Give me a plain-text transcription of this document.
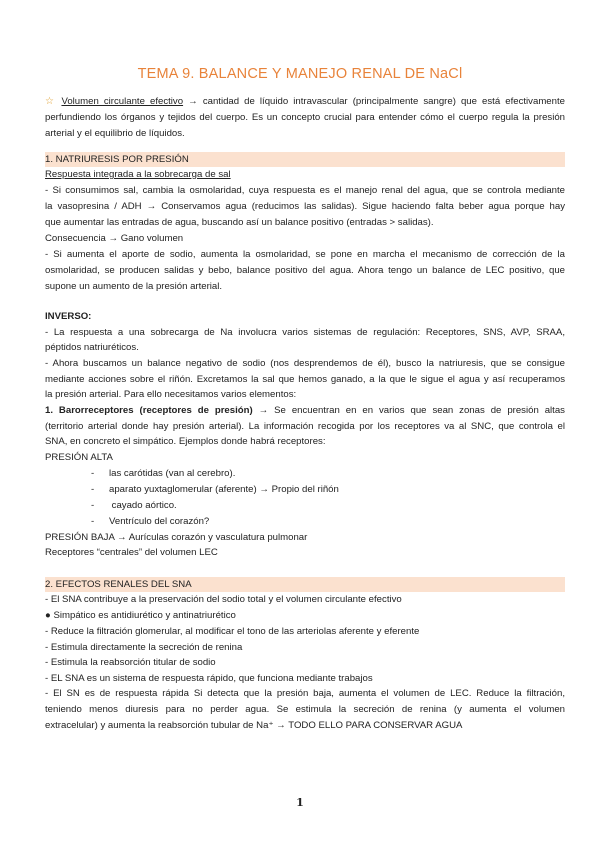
TEMA 9. BALANCE Y MANEJO RENAL DE NaCl
☆ Volumen circulante efectivo → cantidad de líquido intravascular (principalmente sangre) que está efectivamente
perfundiendo los órganos y tejidos del cuerpo. Es un concepto crucial para entender cómo el cuerpo regula la presión
arterial y el equilibrio de líquidos.
1. NATRIURESIS POR PRESIÓN
Respuesta integrada a la sobrecarga de sal
- Si consumimos sal, cambia la osmolaridad, cuya respuesta es el manejo renal del agua, que se controla mediante
la vasopresina / ADH → Conservamos agua (reducimos las salidas). Sigue haciendo falta beber agua porque hay
que aumentar las entradas de agua, buscando así un balance positivo (entradas > salidas).
Consecuencia → Gano volumen
- Si aumenta el aporte de sodio, aumenta la osmolaridad, se pone en marcha el mecanismo de corrección de la
osmolaridad, se producen salidas y bebo, balance positivo del agua. Ahora tengo un balance de LEC positivo, que
supone un aumento de la presión arterial.
INVERSO:
- La respuesta a una sobrecarga de Na involucra varios sistemas de regulación: Receptores, SNS, AVP, SRAA,
péptidos natriuréticos.
- Ahora buscamos un balance negativo de sodio (nos desprendemos de él), busco la natriuresis, que se consigue
mediante acciones sobre el riñón. Excretamos la sal que hemos ganado, a la que le sigue el agua y así recuperamos
la presión arterial. Para ello necesitamos varios elementos:
1. Barorreceptores (receptores de presión) → Se encuentran en en varios que sean zonas de presión altas
(territorio arterial donde hay presión arterial). La información recogida por los receptores va al SNC, que controla el
SNA, en concreto el simpático. Ejemplos donde habrá receptores:
PRESIÓN ALTA
- las carótidas (van al cerebro).
- aparato yuxtaglomerular (aferente) → Propio del riñón
- cayado aórtico.
- Ventrículo del corazón?
PRESIÓN BAJA → Aurículas corazón y vasculatura pulmonar
Receptores “centrales” del volumen LEC
2. EFECTOS RENALES DEL SNA
- El SNA contribuye a la preservación del sodio total y el volumen circulante efectivo
● Simpático es antidiurético y antinatriurético
- Reduce la filtración glomerular, al modificar el tono de las arteriolas aferente y eferente
- Estimula directamente la secreción de renina
- Estimula la reabsorción titular de sodio
- EL SNA es un sistema de respuesta rápido, que funciona mediante trabajos
- El SN es de respuesta rápida Si detecta que la presión baja, aumenta el volumen de LEC. Reduce la filtración,
teniendo menos diuresis para no perder agua. Se estimula la secreción de renina (y aumenta el volumen
extracelular) y aumenta la reabsorción tubular de Na⁺ → TODO ELLO PARA CONSERVAR AGUA
1
